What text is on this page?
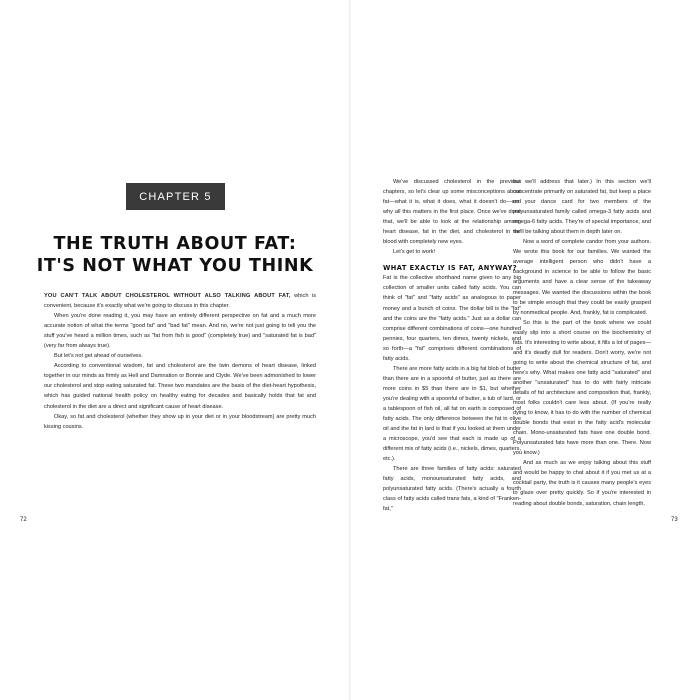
CHAPTER 5
THE TRUTH ABOUT FAT:
IT'S NOT WHAT YOU THINK

YOU CAN'T TALK ABOUT CHOLESTEROL WITHOUT ALSO TALKING ABOUT FAT, which is convenient, because it's exactly what we're going to discuss in this chapter.

When you're done reading it, you may have an entirely different perspective on fat and a much more accurate notion of what the terms "good fat" and "bad fat" mean. And no, we're not just going to tell you the stuff you've heard a million times, such as "fat from fish is good" (completely true) and "saturated fat is bad" (very far from always true).

But let's not get ahead of ourselves.

According to conventional wisdom, fat and cholesterol are the twin demons of heart disease, linked together in our minds as firmly as Hell and Damnation or Bonnie and Clyde. We've been admonished to lower our cholesterol and stop eating saturated fat. These two mandates are the basis of the diet-heart hypothesis, which has guided national health policy on healthy eating for decades and basically holds that fat and cholesterol in the diet are a direct and significant cause of heart disease.

Okay, so fat and cholesterol (whether they show up in your diet or in your bloodstream) are pretty much kissing cousins.

72

We've discussed cholesterol in the previous chapters, so let's clear up some misconceptions about fat—what it is, what it does, what it doesn't do—and why all this matters in the first place. Once we've done that, we'll be able to look at the relationship among heart disease, fat in the diet, and cholesterol in the blood with completely new eyes.

Let's get to work!

WHAT EXACTLY IS FAT, ANYWAY?

Fat is the collective shorthand name given to any big collection of smaller units called fatty acids. You can think of "fat" and "fatty acids" as analogous to paper money and a bunch of coins. The dollar bill is the "fat" and the coins are the "fatty acids." Just as a dollar can comprise different combinations of coins—one hundred pennies, four quarters, ten dimes, twenty nickels, and so forth—a "fat" comprises different combinations of fatty acids.

There are more fatty acids in a big fat blob of butter than there are in a spoonful of butter, just as there are more coins in $5 than there are in $1, but whether you're dealing with a spoonful of butter, a tub of lard, or a tablespoon of fish oil, all fat on earth is composed of fatty acids. The only difference between the fat in olive oil and the fat in lard is that if you looked at them under a microscope, you'd see that each is made up of a different mix of fatty acids (i.e., nickels, dimes, quarters, etc.).

There are three families of fatty acids: saturated fatty acids, monounsaturated fatty acids, and polyunsaturated fatty acids. (There's actually a fourth class of fatty acids called trans fats, a kind of "Franken-fat,"

but we'll address that later.) In this section we'll concentrate primarily on saturated fat, but keep a place on your dance card for two members of the polyunsaturated family called omega-3 fatty acids and omega-6 fatty acids. They're of special importance, and we'll be talking about them in depth later on.

Now a word of complete candor from your authors. We wrote this book for our families. We wanted the average intelligent person who didn't have a background in science to be able to follow the basic arguments and have a clear sense of the takeaway messages. We wanted the discussions within the book to be simple enough that they could be easily grasped by nonmedical people. And, frankly, fat is complicated.

So this is the part of the book where we could easily slip into a short course on the biochemistry of fats. It's interesting to write about, it fills a lot of pages—and it's deadly dull for readers. Don't worry, we're not going to write about the chemical structure of fat, and here's why. What makes one fatty acid "saturated" and another "unsaturated" has to do with fairly intricate details of fat architecture and composition that, frankly, most folks couldn't care less about. (If you're really dying to know, it has to do with the number of chemical double bonds that exist in the fatty acid's molecular chain. Mono-unsaturated fats have one double bond. Polyunsaturated fats have more than one. There. Now you know.)

And as much as we enjoy talking about this stuff and would be happy to chat about it if you met us at a cocktail party, the truth is it causes many people's eyes to glaze over pretty quickly. So if you're interested in reading about double bonds, saturation, chain length,

73
